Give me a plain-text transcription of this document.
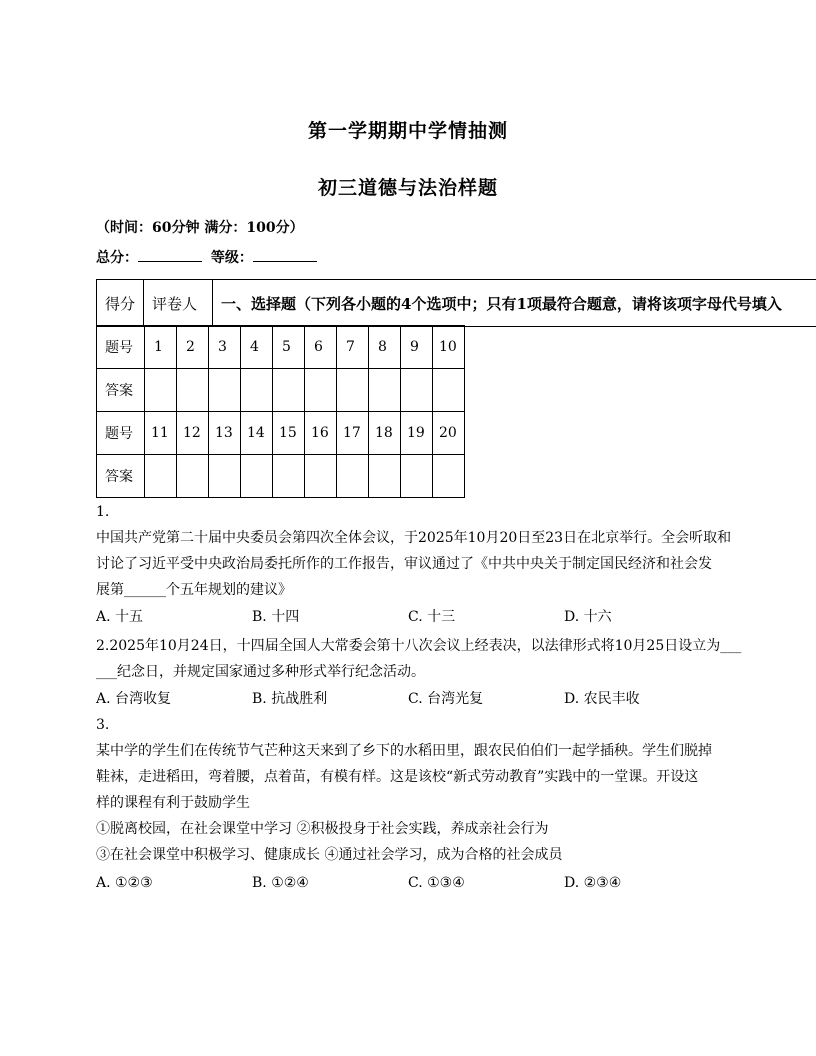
第一学期期中学情抽测
初三道德与法治样题
（时间：60分钟 满分：100分）
总分：	等级：
得分	评卷人	一、选择题（下列各小题的4个选项中；只有1项最符合题意，请将该项字母代号填入
题号	1	2	3	4	5	6	7	8	9	10
答案										
题号	11	12	13	14	15	16	17	18	19	20
答案										
1.
中国共产党第二十届中央委员会第四次全体会议，于2025年10月20日至23日在北京举行。全会听取和
讨论了习近平受中央政治局委托所作的工作报告，审议通过了《中共中央关于制定国民经济和社会发
展第______个五年规划的建议》
A. 十五	B. 十四	C. 十三	D. 十六
2.2025年10月24日，十四届全国人大常委会第十八次会议上经表决，以法律形式将10月25日设立为___
___纪念日，并规定国家通过多种形式举行纪念活动。
A. 台湾收复	B. 抗战胜利	C. 台湾光复	D. 农民丰收
3.
某中学的学生们在传统节气芒种这天来到了乡下的水稻田里，跟农民伯伯们一起学插秧。学生们脱掉
鞋袜，走进稻田，弯着腰，点着苗，有模有样。这是该校“新式劳动教育”实践中的一堂课。开设这
样的课程有利于鼓励学生
①脱离校园，在社会课堂中学习 ②积极投身于社会实践，养成亲社会行为
③在社会课堂中积极学习、健康成长 ④通过社会学习，成为合格的社会成员
A. ①②③	B. ①②④	C. ①③④	D. ②③④
